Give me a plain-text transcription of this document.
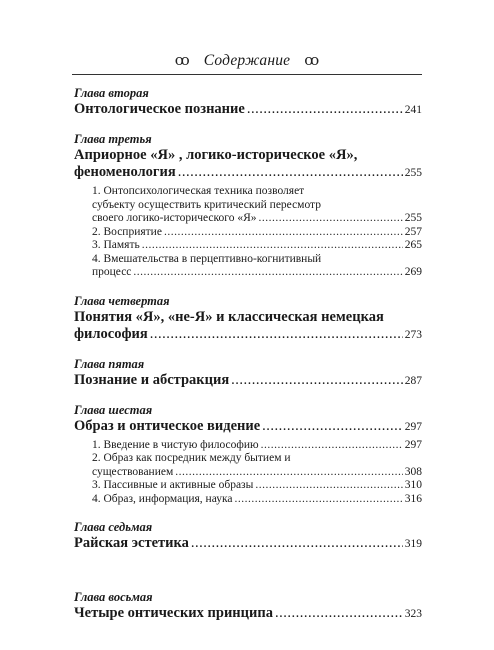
ꝏ Содержание ꝏ
Глава вторая
Онтологическое познание .....	241
Глава третья
Априорное «Я» , логико-историческое «Я»,
феноменология .....	255
1. Онтопсихологическая техника позволяет
субъекту осуществить критический пересмотр
своего логико-исторического «Я» .....	255
2. Восприятие .....	257
3. Память .....	265
4. Вмешательства в перцептивно-когнитивный
процесс .....	269
Глава четвертая
Понятия «Я», «не-Я» и классическая немецкая
философия .....	273
Глава пятая
Познание и абстракция .....	287
Глава шестая
Образ и онтическое видение .....	297
1. Введение в чистую философию .....	297
2. Образ как посредник между бытием и
существованием .....	308
3. Пассивные и активные образы .....	310
4. Образ, информация, наука .....	316
Глава седьмая
Райская эстетика .....	319
Глава восьмая
Четыре онтических принципа .....	323
